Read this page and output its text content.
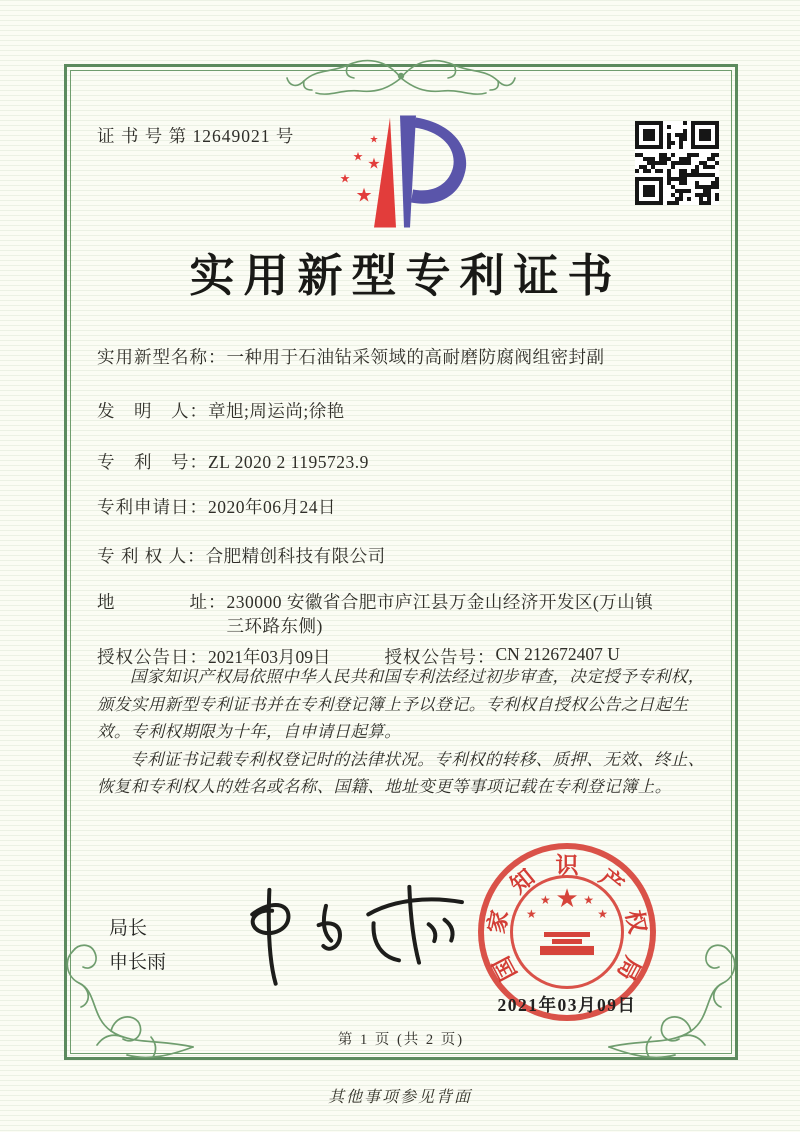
证 书 号 第 12649021 号	★
★ ★
★
★
实用新型专利证书
实用新型名称： 一种用于石油钻采领域的高耐磨防腐阀组密封副
发　明　人： 章旭;周运尚;徐艳
专　利　号： ZL 2020 2 1195723.9
专利申请日： 2020年06月24日
专 利 权 人： 合肥精创科技有限公司
地　　　　址： 230000 安徽省合肥市庐江县万金山经济开发区(万山镇三环路东侧)
授权公告日： 2021年03月09日	授权公告号： CN 212672407 U

国家知识产权局依照中华人民共和国专利法经过初步审查，决定授予专利权，颁发实用新型专利证书并在专利登记簿上予以登记。专利权自授权公告之日起生效。专利权期限为十年，自申请日起算。

专利证书记载专利权登记时的法律状况。专利权的转移、质押、无效、终止、恢复和专利权人的姓名或名称、国籍、地址变更等事项记载在专利登记簿上。

局长
申长雨	国
家
知 识 产
权
局
★
★
★	★
★
2021年03月09日
第 1 页 (共 2 页)
其他事项参见背面
